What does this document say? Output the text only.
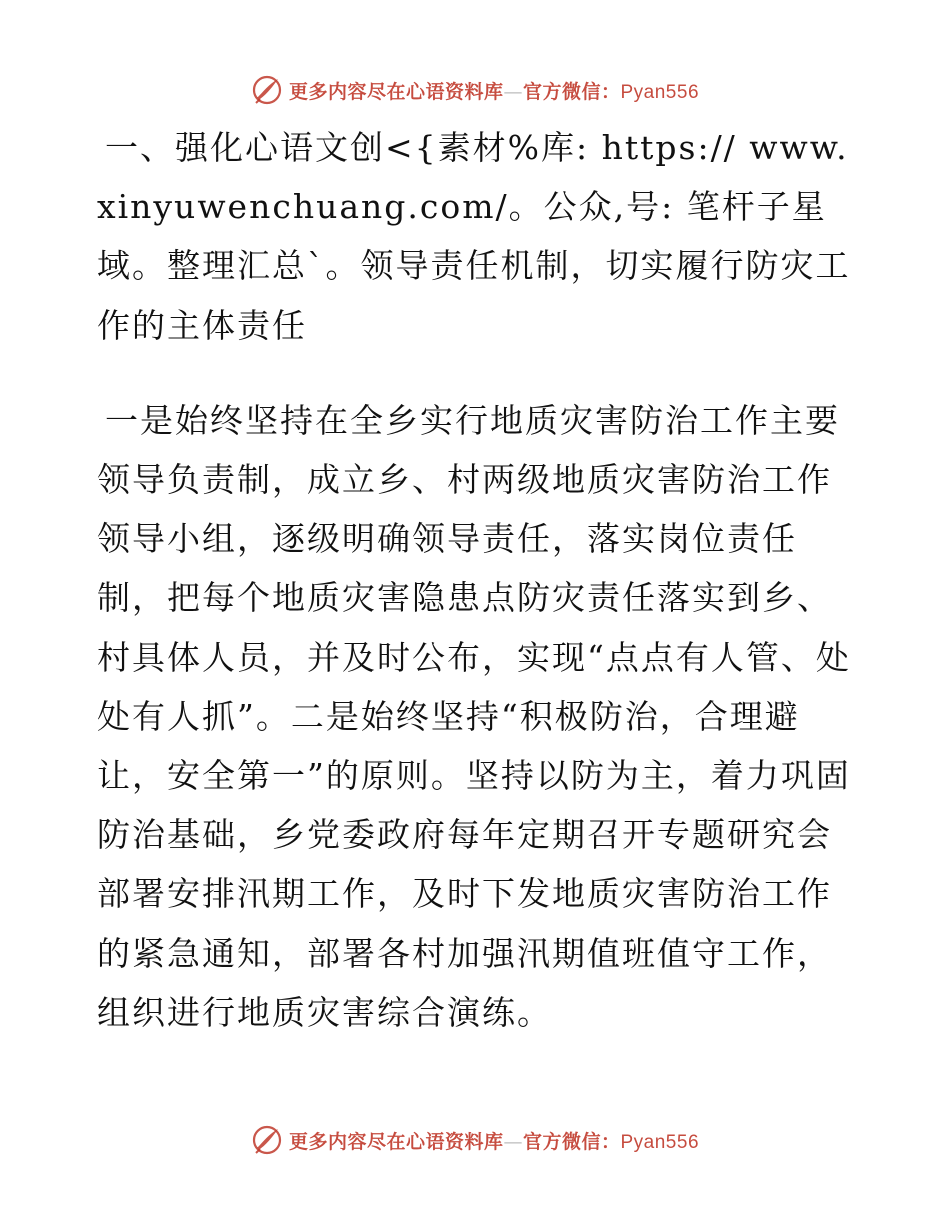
更多内容尽在心语资料库—官方微信：Pyan556

一、强化心语文创<{素材%库: https:// www.xinyuwenchuang.com/。公众,号: 笔杆子星域。整理汇总`。领导责任机制，切实履行防灾工作的主体责任

一是始终坚持在全乡实行地质灾害防治工作主要领导负责制，成立乡、村两级地质灾害防治工作领导小组，逐级明确领导责任，落实岗位责任制，把每个地质灾害隐患点防灾责任落实到乡、村具体人员，并及时公布，实现“点点有人管、处处有人抓”。二是始终坚持“积极防治，合理避让，安全第一”的原则。坚持以防为主，着力巩固防治基础，乡党委政府每年定期召开专题研究会部署安排汛期工作，及时下发地质灾害防治工作的紧急通知，部署各村加强汛期值班值守工作，组织进行地质灾害综合演练。

更多内容尽在心语资料库—官方微信：Pyan556
